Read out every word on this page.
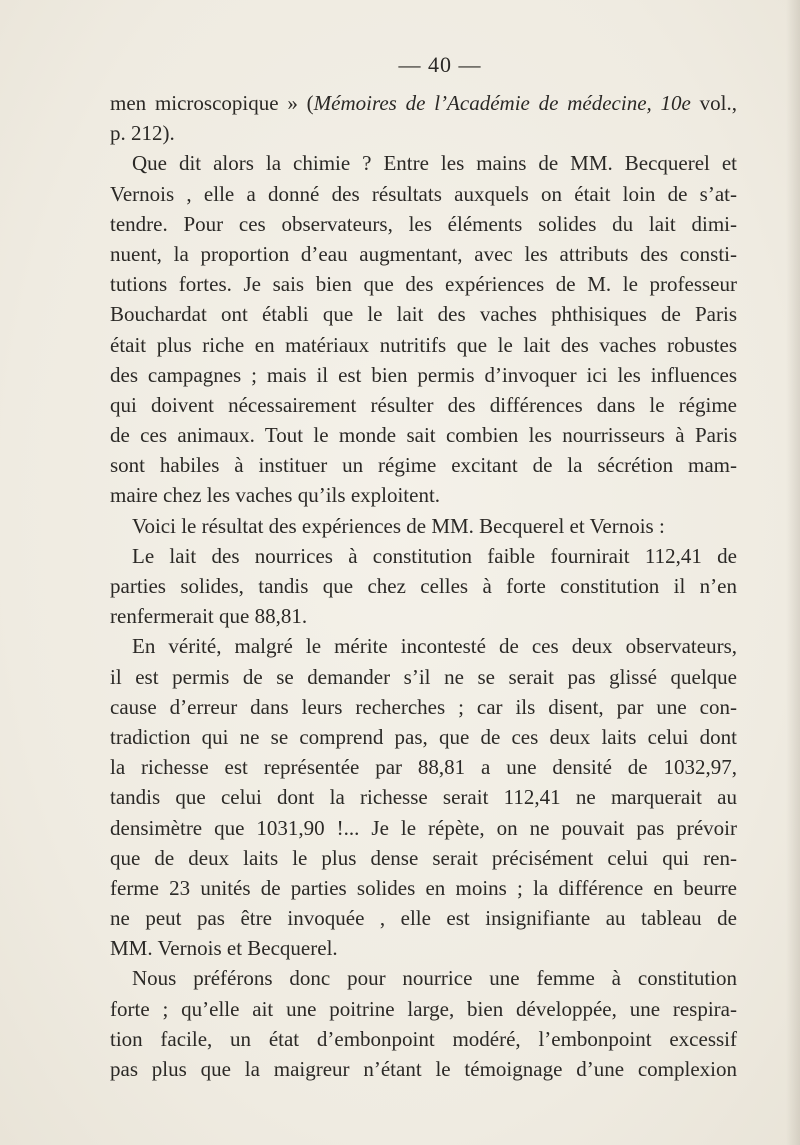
— 40 —
men microscopique » (Mémoires de l’Académie de médecine, 10e vol.,
p. 212).
Que dit alors la chimie ? Entre les mains de MM. Becquerel et
Vernois , elle a donné des résultats auxquels on était loin de s’at-
tendre. Pour ces observateurs, les éléments solides du lait dimi-
nuent, la proportion d’eau augmentant, avec les attributs des consti-
tutions fortes. Je sais bien que des expériences de M. le professeur
Bouchardat ont établi que le lait des vaches phthisiques de Paris
était plus riche en matériaux nutritifs que le lait des vaches robustes
des campagnes ; mais il est bien permis d’invoquer ici les influences
qui doivent nécessairement résulter des différences dans le régime
de ces animaux. Tout le monde sait combien les nourrisseurs à Paris
sont habiles à instituer un régime excitant de la sécrétion mam-
maire chez les vaches qu’ils exploitent.
Voici le résultat des expériences de MM. Becquerel et Vernois :
Le lait des nourrices à constitution faible fournirait 112,41 de
parties solides, tandis que chez celles à forte constitution il n’en
renfermerait que 88,81.
En vérité, malgré le mérite incontesté de ces deux observateurs,
il est permis de se demander s’il ne se serait pas glissé quelque
cause d’erreur dans leurs recherches ; car ils disent, par une con-
tradiction qui ne se comprend pas, que de ces deux laits celui dont
la richesse est représentée par 88,81 a une densité de 1032,97,
tandis que celui dont la richesse serait 112,41 ne marquerait au
densimètre que 1031,90 !... Je le répète, on ne pouvait pas prévoir
que de deux laits le plus dense serait précisément celui qui ren-
ferme 23 unités de parties solides en moins ; la différence en beurre
ne peut pas être invoquée , elle est insignifiante au tableau de
MM. Vernois et Becquerel.
Nous préférons donc pour nourrice une femme à constitution
forte ; qu’elle ait une poitrine large, bien développée, une respira-
tion facile, un état d’embonpoint modéré, l’embonpoint excessif
pas plus que la maigreur n’étant le témoignage d’une complexion
